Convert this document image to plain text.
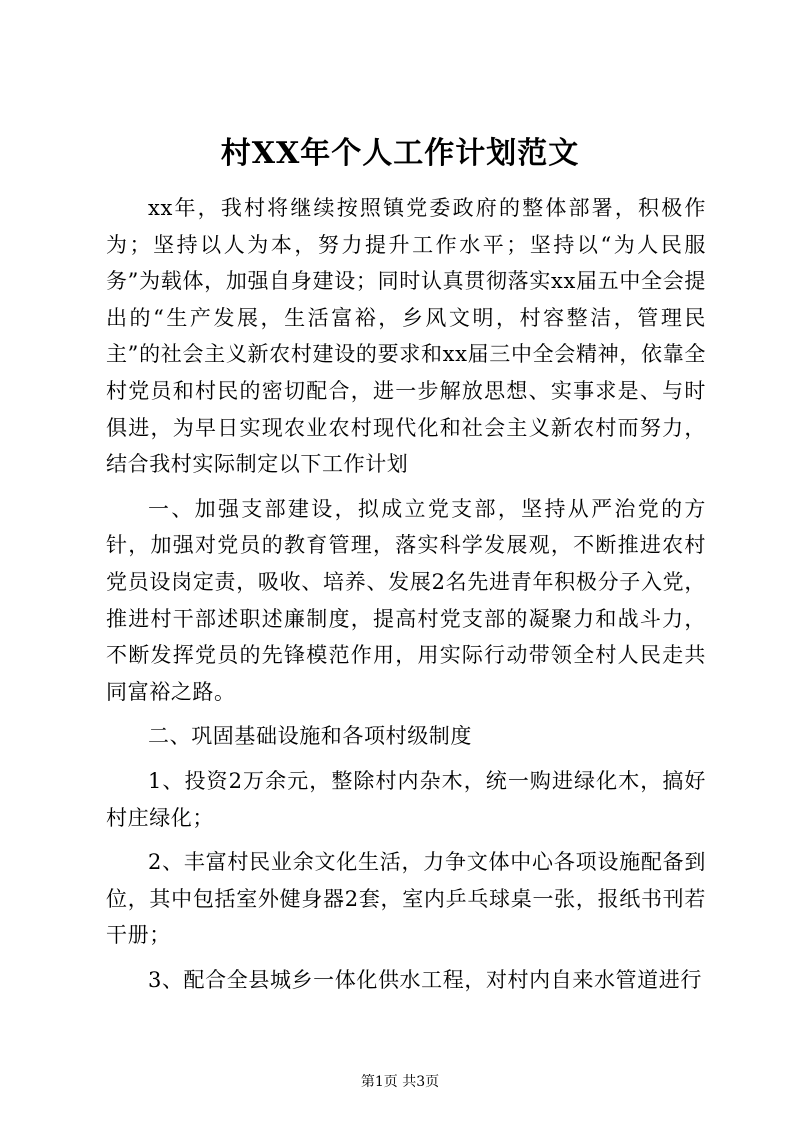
村XX年个人工作计划范文

xx年，我村将继续按照镇党委政府的整体部署，积极作为；坚持以人为本，努力提升工作水平；坚持以“为人民服务”为载体，加强自身建设；同时认真贯彻落实xx届五中全会提出的“生产发展，生活富裕，乡风文明，村容整洁，管理民主”的社会主义新农村建设的要求和xx届三中全会精神，依靠全村党员和村民的密切配合，进一步解放思想、实事求是、与时俱进，为早日实现农业农村现代化和社会主义新农村而努力，结合我村实际制定以下工作计划

一、加强支部建设，拟成立党支部，坚持从严治党的方针，加强对党员的教育管理，落实科学发展观，不断推进农村党员设岗定责，吸收、培养、发展2名先进青年积极分子入党，推进村干部述职述廉制度，提高村党支部的凝聚力和战斗力，不断发挥党员的先锋模范作用，用实际行动带领全村人民走共同富裕之路。

二、巩固基础设施和各项村级制度

1、投资2万余元，整除村内杂木，统一购进绿化木，搞好村庄绿化；

2、丰富村民业余文化生活，力争文体中心各项设施配备到位，其中包括室外健身器2套，室内乒乓球桌一张，报纸书刊若干册；

3、配合全县城乡一体化供水工程，对村内自来水管道进行

第1页 共3页
